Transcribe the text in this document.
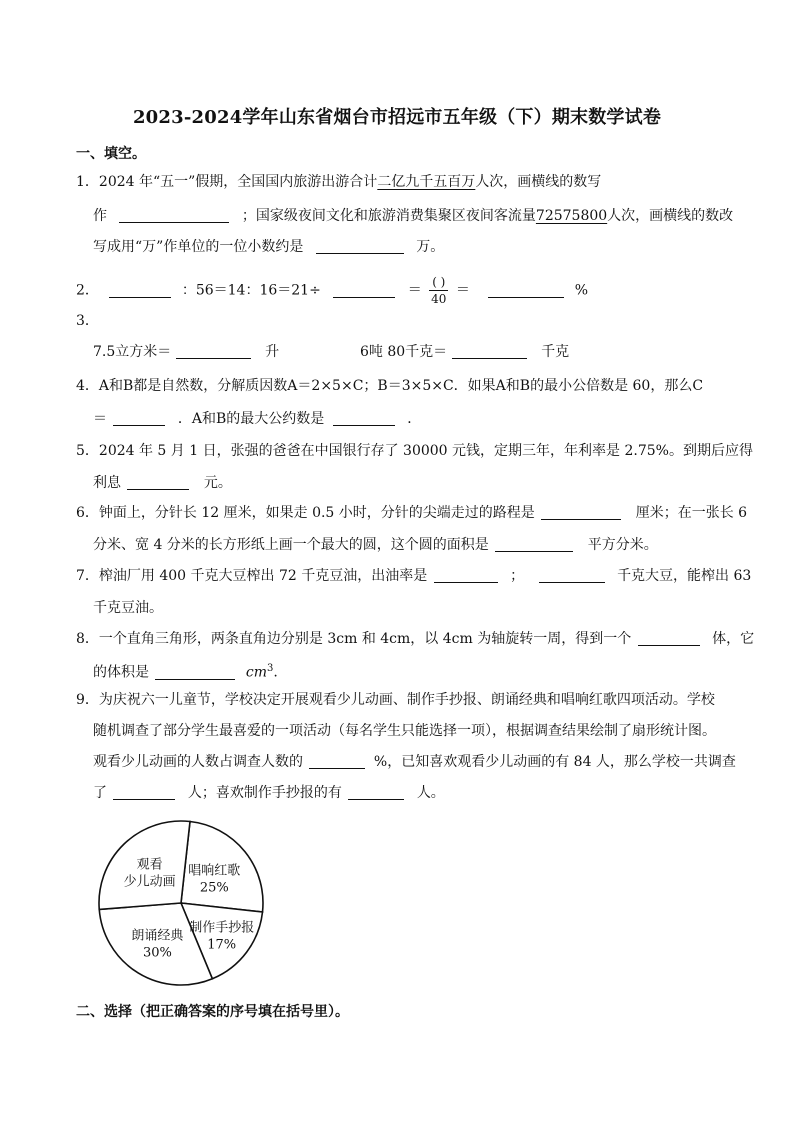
2023-2024学年山东省烟台市招远市五年级（下）期末数学试卷
一、填空。
1．2024 年“五一”假期，全国国内旅游出游合计二亿九千五百万人次，画横线的数写
作	；国家级夜间文化和旅游消费集聚区夜间客流量72575800人次，画横线的数改
写成用“万”作单位的一位小数约是	万。
2．	：56＝14：16＝21÷	＝ $\frac{( )}{40}$ ＝	%
3．
7.5立方米＝	升	6吨 80千克＝	千克
4．A和B都是自然数，分解质因数A＝2×5×C；B＝3×5×C．如果A和B的最小公倍数是 60，那么C
＝	．A和B的最大公约数是	．
5．2024 年 5 月 1 日，张强的爸爸在中国银行存了 30000 元钱，定期三年，年利率是 2.75%。到期后应得
利息	元。
6．钟面上，分针长 12 厘米，如果走 0.5 小时，分针的尖端走过的路程是	厘米；在一张长 6
分米、宽 4 分米的长方形纸上画一个最大的圆，这个圆的面积是	平方分米。
7．榨油厂用 400 千克大豆榨出 72 千克豆油，出油率是	；	千克大豆，能榨出 63
千克豆油。
8．一个直角三角形，两条直角边分别是 3cm 和 4cm，以 4cm 为轴旋转一周，得到一个	体，它
的体积是	$cm^3$.
9．为庆祝六一儿童节，学校决定开展观看少儿动画、制作手抄报、朗诵经典和唱响红歌四项活动。学校
随机调查了部分学生最喜爱的一项活动（每名学生只能选择一项），根据调查结果绘制了扇形统计图。
观看少儿动画的人数占调查人数的	%，已知喜欢观看少儿动画的有 84 人，那么学校一共调查
了	人；喜欢制作手抄报的有	人。
唱响红歌
25%
制作手抄报
17%
朗诵经典
30%
观看
少儿动画
二、选择（把正确答案的序号填在括号里）。
